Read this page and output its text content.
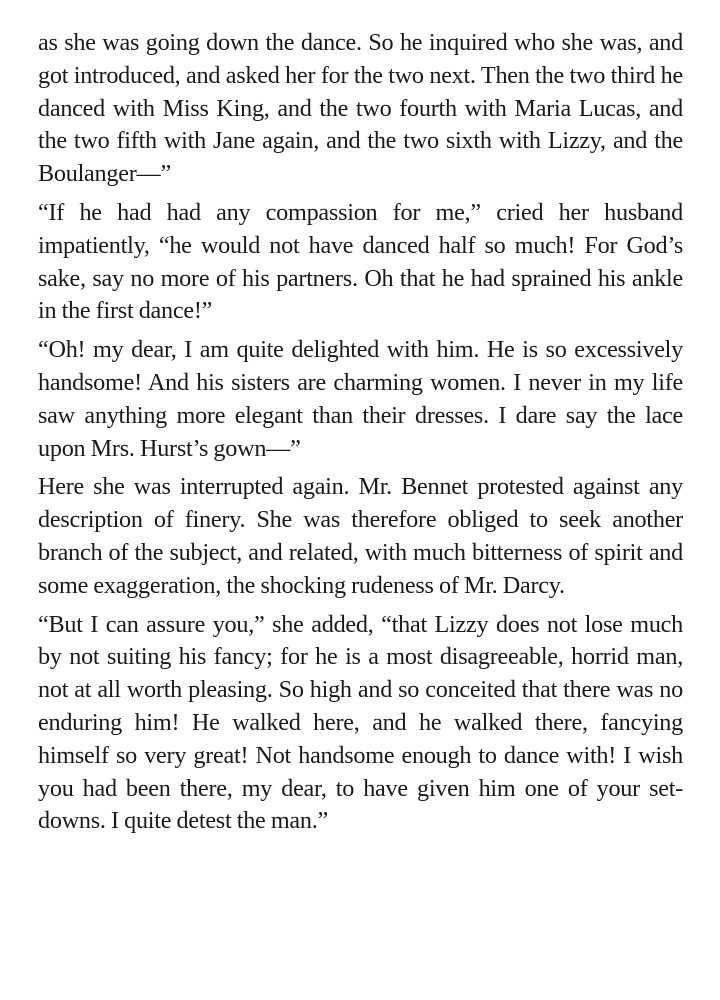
as she was going down the dance. So he inquired who she was, and got introduced, and asked her for the two next. Then the two third he danced with Miss King, and the two fourth with Maria Lucas, and the two fifth with Jane again, and the two sixth with Lizzy, and the Boulanger—”

“If he had had any compassion for me,” cried her husband impatiently, “he would not have danced half so much! For God’s sake, say no more of his partners. Oh that he had sprained his ankle in the first dance!”

“Oh! my dear, I am quite delighted with him. He is so excessively handsome! And his sisters are charming women. I never in my life saw anything more elegant than their dresses. I dare say the lace upon Mrs. Hurst’s gown—”

Here she was interrupted again. Mr. Bennet protested against any description of finery. She was therefore obliged to seek another branch of the subject, and related, with much bitterness of spirit and some exaggeration, the shocking rudeness of Mr. Darcy.

“But I can assure you,” she added, “that Lizzy does not lose much by not suiting his fancy; for he is a most disagreeable, horrid man, not at all worth pleasing. So high and so conceited that there was no enduring him! He walked here, and he walked there, fancying himself so very great! Not handsome enough to dance with! I wish you had been there, my dear, to have given him one of your set-downs. I quite detest the man.”
